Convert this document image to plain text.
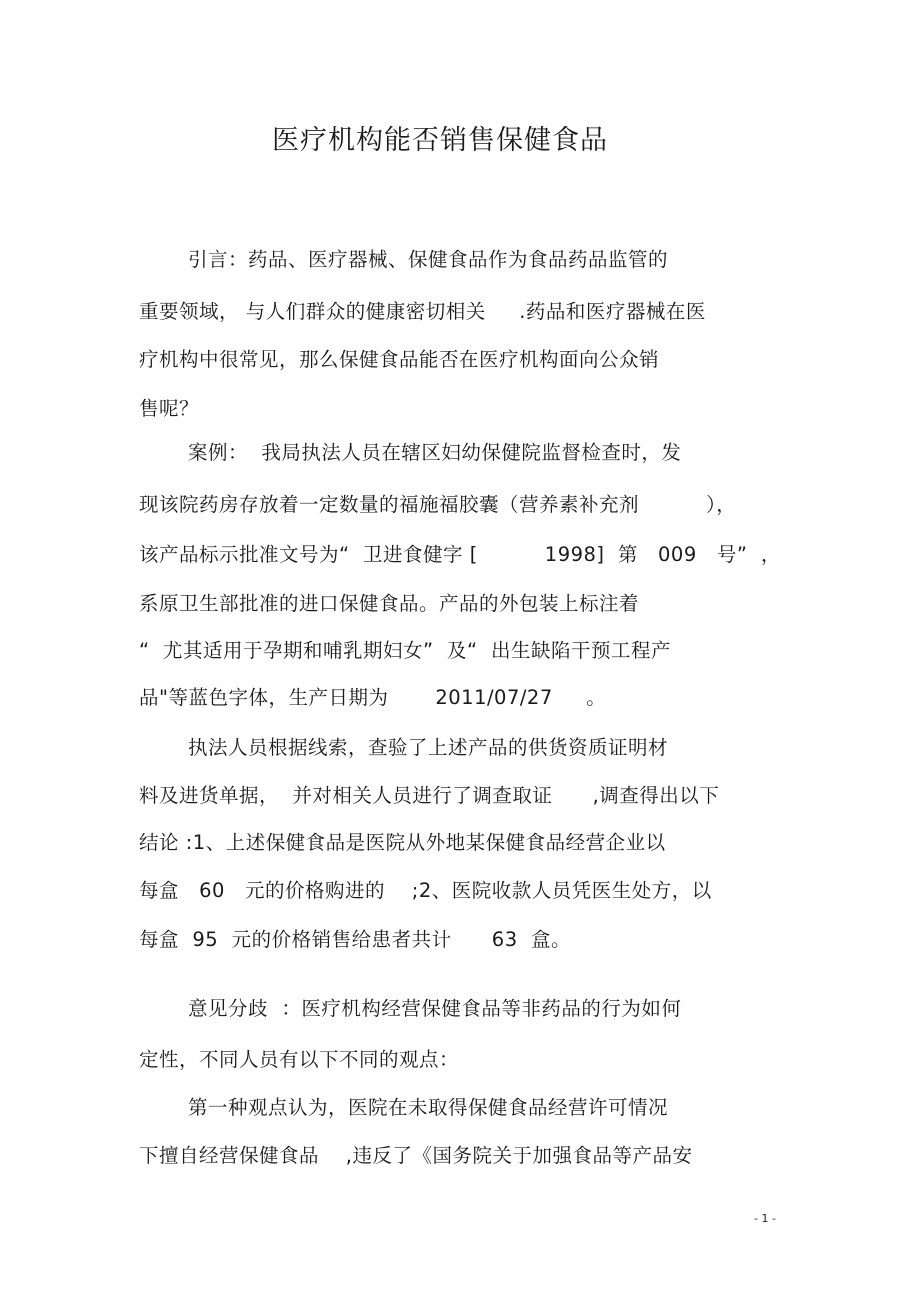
医疗机构能否销售保健食品
引言：药品、医疗器械、保健食品作为食品药品监管的
重要领域， 与人们群众的健康密切相关     .药品和医疗器械在医
疗机构中很常见，那么保健食品能否在医疗机构面向公众销
售呢？
案例：  我局执法人员在辖区妇幼保健院监督检查时，发
现该院药房存放着一定数量的福施福胶囊（营养素补充剂          ），
该产品标示批准文号为“  卫进食健字 [          1998]  第   009   号”  ，
系原卫生部批准的进口保健食品。产品的外包装上标注着
“  尤其适用于孕期和哺乳期妇女”  及“  出生缺陷干预工程产
品"等蓝色字体，生产日期为       2011/07/27     。
执法人员根据线索，查验了上述产品的供货资质证明材
料及进货单据，  并对相关人员进行了调查取证      ,调查得出以下
结论 :1、上述保健食品是医院从外地某保健食品经营企业以
每盒   60   元的价格购进的    ;2、医院收款人员凭医生处方，以
每盒  95  元的价格销售给患者共计      63  盒。
意见分歧  ：医疗机构经营保健食品等非药品的行为如何
定性，不同人员有以下不同的观点：
第一种观点认为，医院在未取得保健食品经营许可情况
下擅自经营保健食品    ,违反了《国务院关于加强食品等产品安
- 1 -
